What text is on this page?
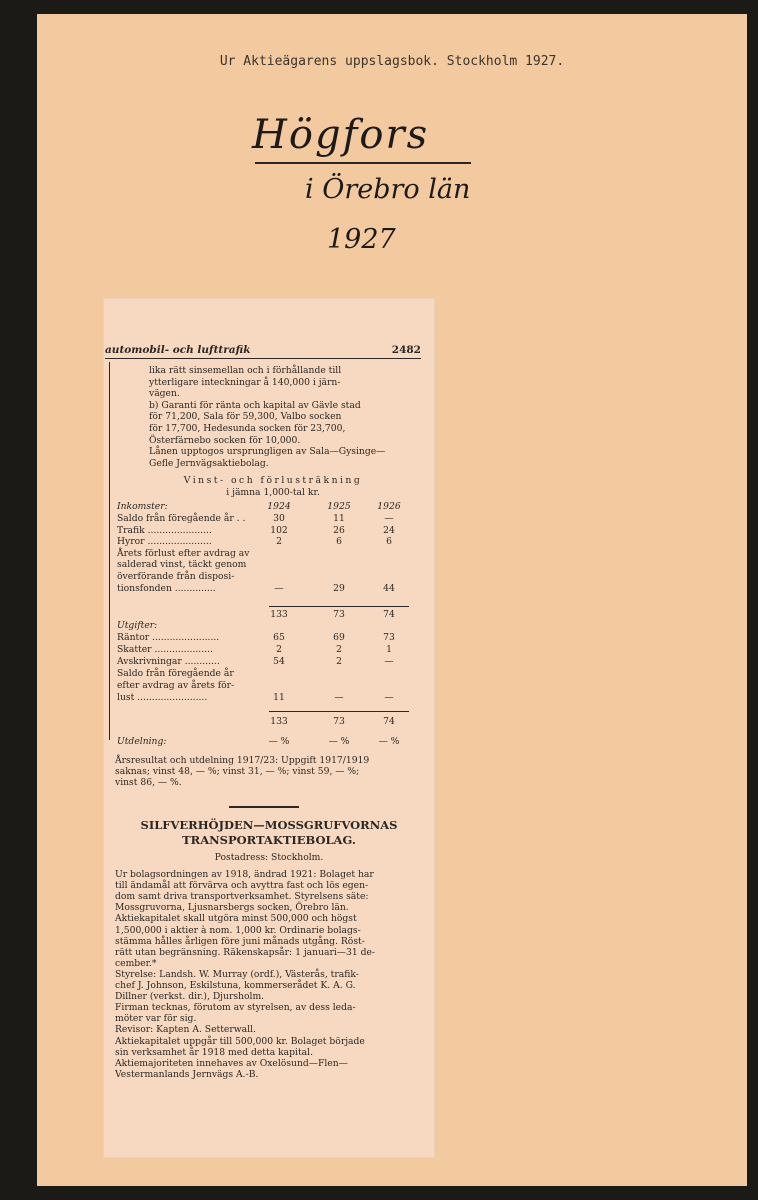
Ur Aktieägarens uppslagsbok. Stockholm 1927.
Högfors
i Örebro län
1927
automobil- och lufttrafik	2482
lika rätt sinsemellan och i förhållande till
ytterligare inteckningar å 140,000 i järn-
vägen.
b) Garanti för ränta och kapital av Gävle stad
för 71,200, Sala för 59,300, Valbo socken
för 17,700, Hedesunda socken för 23,700,
Österfärnebo socken för 10,000.
Lånen upptogos ursprungligen av Sala—Gysinge—
Gefle Jernvägsaktiebolag.
Vinst- och förlusträkning
i jämna 1,000-tal kr.
Inkomster:	1924	1925	1926
Saldo från föregående år . .	30	11	—
Trafik ......................	102	26	24
Hyror ......................	2	6	6
Årets förlust efter avdrag av
salderad vinst, täckt genom
överförande från disposi-
tionsfonden ..............	—	29	44
133	73	74
Utgifter:
Räntor .......................	65	69	73
Skatter ....................	2	2	1
Avskrivningar ............	54	2	—
Saldo från föregående år
efter avdrag av årets för-
lust ........................	11	—	—
133	73	74
Utdelning:	— %	— %	— %
Årsresultat och utdelning 1917/23: Uppgift 1917/1919
saknas; vinst 48, — %; vinst 31, — %; vinst 59, — %;
vinst 86, — %.
SILFVERHÖJDEN—MOSSGRUFVORNAS
TRANSPORTAKTIEBOLAG.
Postadress: Stockholm.
Ur bolagsordningen av 1918, ändrad 1921: Bolaget har
till ändamål att förvärva och avyttra fast och lös egen-
dom samt driva transportverksamhet. Styrelsens säte:
Mossgruvorna, Ljusnarsbergs socken, Örebro län.
Aktiekapitalet skall utgöra minst 500,000 och högst
1,500,000 i aktier à nom. 1,000 kr. Ordinarie bolags-
stämma hålles årligen före juni månads utgång. Röst-
rätt utan begränsning. Räkenskapsår: 1 januari—31 de-
cember.*
Styrelse: Landsh. W. Murray (ordf.), Västerås, trafik-
chef J. Johnson, Eskilstuna, kommerserådet K. A. G.
Dillner (verkst. dir.), Djursholm.
Firman tecknas, förutom av styrelsen, av dess leda-
möter var för sig.
Revisor: Kapten A. Setterwall.
Aktiekapitalet uppgår till 500,000 kr. Bolaget började
sin verksamhet år 1918 med detta kapital.
Aktiemajoriteten innehaves av Oxelösund—Flen—
Vestermanlands Jernvägs A.-B.
